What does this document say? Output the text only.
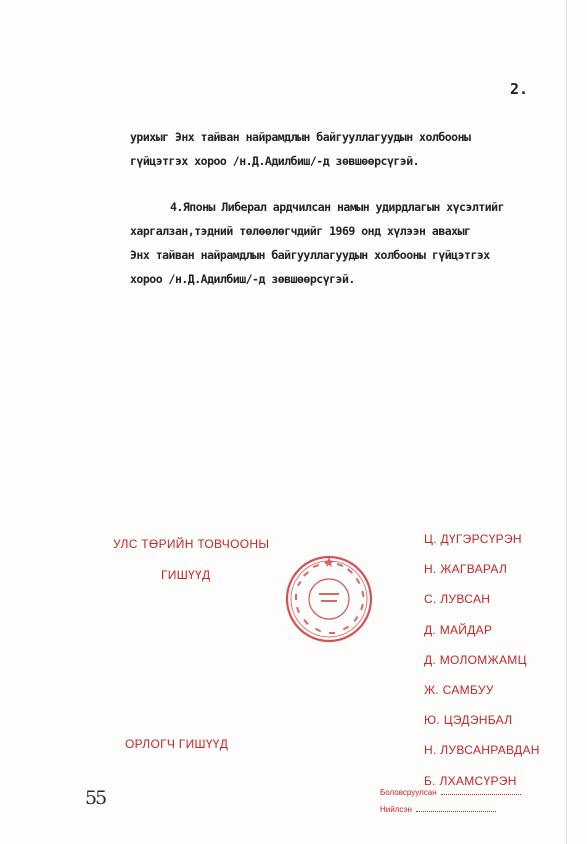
2.
урихыг Энх тайван найрамдлын байгууллагуудын холбооны
гүйцэтгэх хороо /н.Д.Адилбиш/-д зөвшөөрсүгэй.
4.Японы Либерал ардчилсан намын удирдлагын хүсэлтийг
харгалзан,тэдний төлөөлөгчдийг 1969 онд хүлээн авахыг
Энх тайван найрамдлын байгууллагуудын холбооны гүйцэтгэх
хороо /н.Д.Адилбиш/-д зөвшөөрсүгэй.
УЛС ТӨРИЙН ТОВЧООНЫ
ГИШҮҮД
ОРЛОГЧ ГИШҮҮД
Ц. ДҮГЭРСҮРЭН
Н. ЖАГВАРАЛ
С. ЛУВСАН
Д. МАЙДАР
Д. МОЛОМЖАМЦ
Ж. САМБУУ
Ю. ЦЭДЭНБАЛ
Н. ЛУВСАНРАВДАН
Б. ЛХАМСҮРЭН
55	Боловсруулсан
Нийлсэн
